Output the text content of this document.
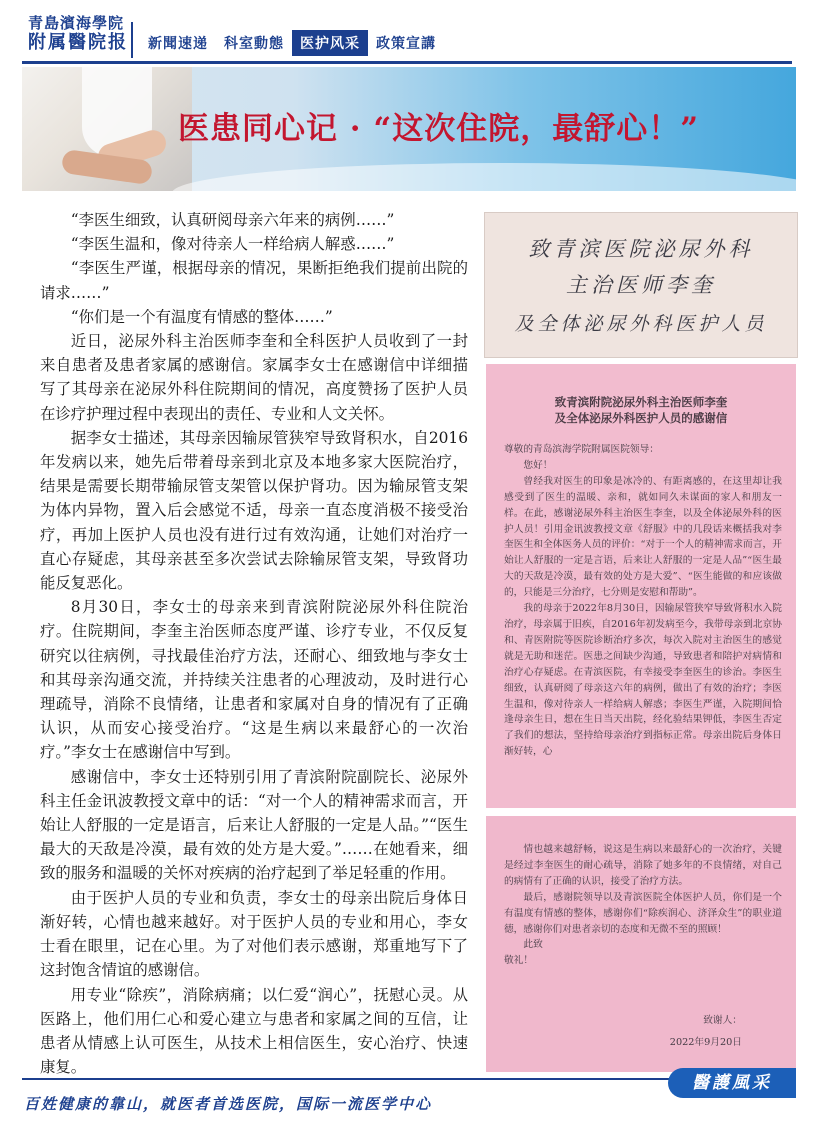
青島濱海學院
附属醫院报	新聞速递	科室動態	医护风采	政策宣講
医患同心记 · “这次住院，最舒心！”

“李医生细致，认真研阅母亲六年来的病例……”

“李医生温和，像对待亲人一样给病人解惑……”

“李医生严谨，根据母亲的情况，果断拒绝我们提前出院的请求……”

“你们是一个有温度有情感的整体……”

近日，泌尿外科主治医师李奎和全科医护人员收到了一封来自患者及患者家属的感谢信。家属李女士在感谢信中详细描写了其母亲在泌尿外科住院期间的情况，高度赞扬了医护人员在诊疗护理过程中表现出的责任、专业和人文关怀。

据李女士描述，其母亲因输尿管狭窄导致肾积水，自2016年发病以来，她先后带着母亲到北京及本地多家大医院治疗，结果是需要长期带输尿管支架管以保护肾功。因为输尿管支架为体内异物，置入后会感觉不适，母亲一直态度消极不接受治疗，再加上医护人员也没有进行过有效沟通，让她们对治疗一直心存疑虑，其母亲甚至多次尝试去除输尿管支架，导致肾功能反复恶化。

8月30日，李女士的母亲来到青滨附院泌尿外科住院治疗。住院期间，李奎主治医师态度严谨、诊疗专业，不仅反复研究以往病例，寻找最佳治疗方法，还耐心、细致地与李女士和其母亲沟通交流，并持续关注患者的心理波动，及时进行心理疏导，消除不良情绪，让患者和家属对自身的情况有了正确认识，从而安心接受治疗。“这是生病以来最舒心的一次治疗。”李女士在感谢信中写到。

感谢信中，李女士还特别引用了青滨附院副院长、泌尿外科主任金讯波教授文章中的话：“对一个人的精神需求而言，开始让人舒服的一定是语言，后来让人舒服的一定是人品。”“医生最大的天敌是冷漠，最有效的处方是大爱。”……在她看来，细致的服务和温暖的关怀对疾病的治疗起到了举足轻重的作用。

由于医护人员的专业和负责，李女士的母亲出院后身体日渐好转，心情也越来越好。对于医护人员的专业和用心，李女士看在眼里，记在心里。为了对他们表示感谢，郑重地写下了这封饱含情谊的感谢信。

用专业“除疾”，消除病痛；以仁爱“润心”，抚慰心灵。从医路上，他们用仁心和爱心建立与患者和家属之间的互信，让患者从情感上认可医生，从技术上相信医生，安心治疗、快速康复。

致青滨医院泌尿外科
主治医师李奎
及全体泌尿外科医护人员
致青滨附院泌尿外科主治医师李奎
及全体泌尿外科医护人员的感谢信

尊敬的青岛滨海学院附属医院领导：

您好！

曾经我对医生的印象是冰冷的、有距离感的，在这里却让我感受到了医生的温暖、亲和，就如同久未谋面的家人和朋友一样。在此，感谢泌尿外科主治医生李奎，以及全体泌尿外科的医护人员！引用金讯波教授文章《舒服》中的几段话来概括我对李奎医生和全体医务人员的评价：“对于一个人的精神需求而言，开始让人舒服的一定是言语，后来让人舒服的一定是人品”“医生最大的天敌是冷漠，最有效的处方是大爱”、“医生能做的和应该做的，只能是三分治疗，七分则是安慰和帮助”。

我的母亲于2022年8月30日，因输尿管狭窄导致肾积水入院治疗，母亲属于旧疾，自2016年初发病至今，我带母亲到北京协和、青医附院等医院诊断治疗多次，每次入院对主治医生的感觉就是无助和迷茫。医患之间缺少沟通，导致患者和陪护对病情和治疗心存疑虑。在青滨医院，有幸接受李奎医生的诊治。李医生细致，认真研阅了母亲这六年的病例，做出了有效的治疗；李医生温和，像对待亲人一样给病人解惑；李医生严谨，入院期间恰逢母亲生日，想在生日当天出院，经化验结果钾低，李医生否定了我们的想法，坚持给母亲治疗到指标正常。母亲出院后身体日渐好转，心

情也越来越舒畅，说这是生病以来最舒心的一次治疗，关键是经过李奎医生的耐心疏导，消除了她多年的不良情绪，对自己的病情有了正确的认识，接受了治疗方法。

最后，感谢院领导以及青滨医院全体医护人员，你们是一个有温度有情感的整体，感谢你们“除疾润心、济泽众生”的职业道德，感谢你们对患者亲切的态度和无微不至的照顾！

此致

敬礼！

致谢人：
2022年9月20日
百姓健康的靠山，就医者首选医院，国际一流医学中心
醫護風采
